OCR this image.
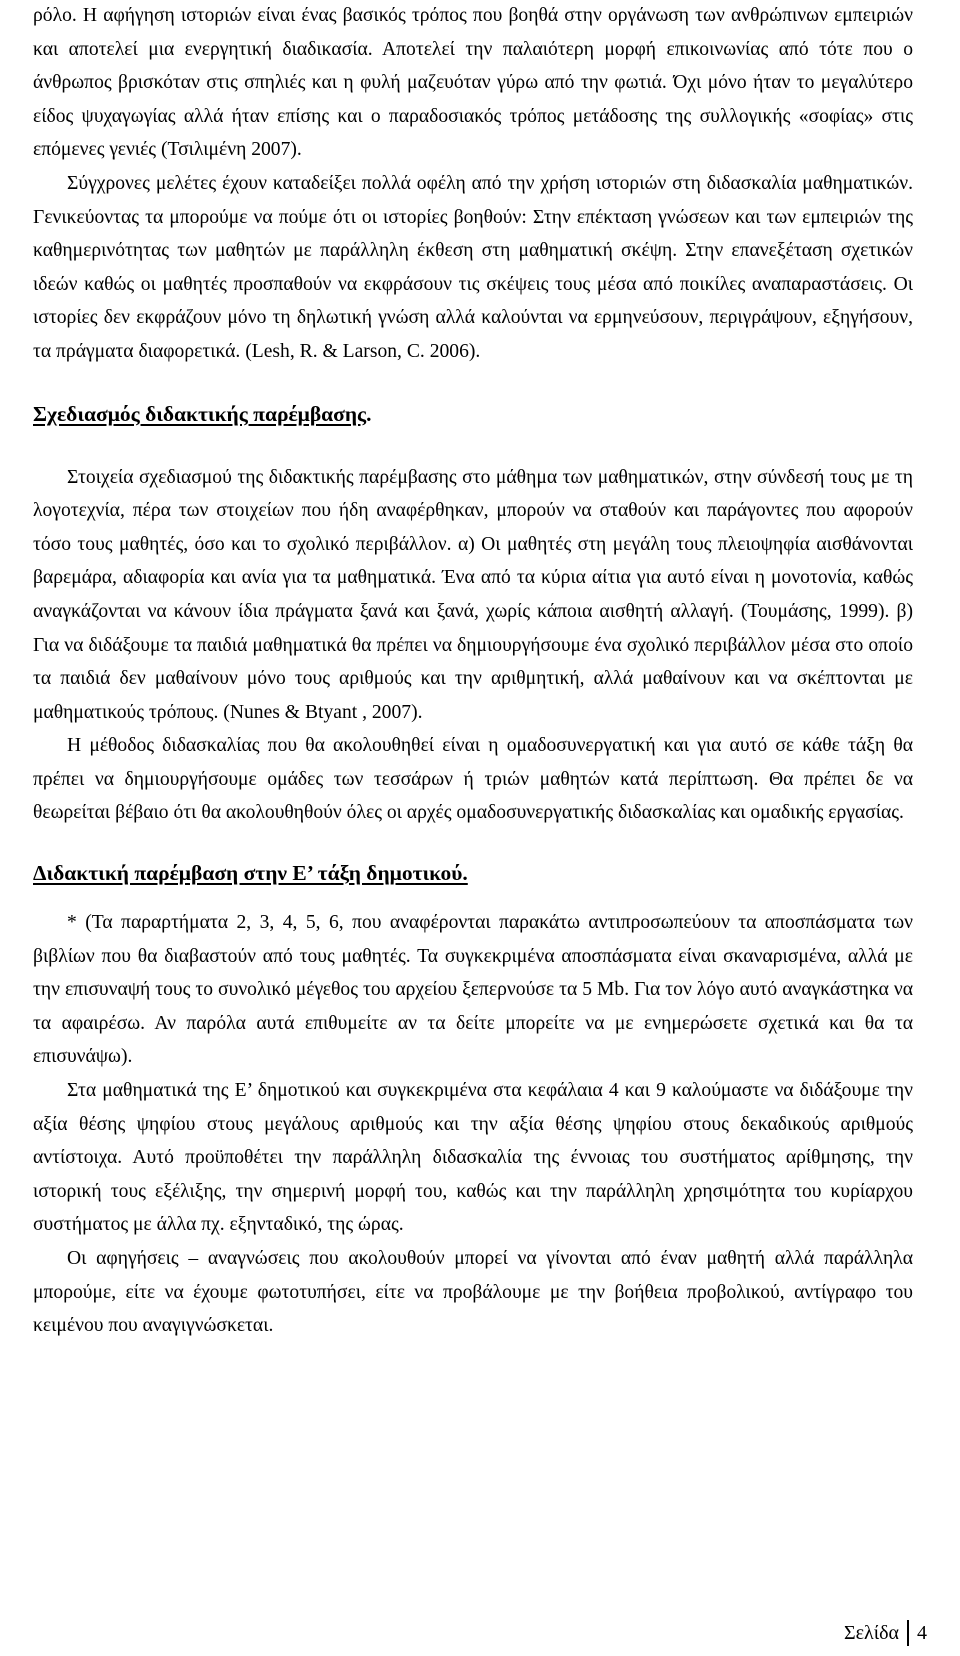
ρόλο. Η αφήγηση ιστοριών είναι ένας βασικός τρόπος που βοηθά στην οργάνωση των ανθρώπινων εμπειριών και αποτελεί μια ενεργητική διαδικασία. Αποτελεί την παλαιότερη μορφή επικοινωνίας από τότε που ο άνθρωπος βρισκόταν στις σπηλιές και η φυλή μαζευόταν γύρω από την φωτιά. Όχι μόνο ήταν το μεγαλύτερο είδος ψυχαγωγίας αλλά ήταν επίσης και ο παραδοσιακός τρόπος μετάδοσης της συλλογικής «σοφίας» στις επόμενες γενιές (Τσιλιμένη 2007).

Σύγχρονες μελέτες έχουν καταδείξει πολλά οφέλη από την χρήση ιστοριών στη διδασκαλία μαθηματικών. Γενικεύοντας τα μπορούμε να πούμε ότι οι ιστορίες βοηθούν: Στην επέκταση γνώσεων και των εμπειριών της καθημερινότητας των μαθητών με παράλληλη έκθεση στη μαθηματική σκέψη. Στην επανεξέταση σχετικών ιδεών καθώς οι μαθητές προσπαθούν να εκφράσουν τις σκέψεις τους μέσα από ποικίλες αναπαραστάσεις. Οι ιστορίες δεν εκφράζουν μόνο τη δηλωτική γνώση αλλά καλούνται να ερμηνεύσουν, περιγράψουν, εξηγήσουν, τα πράγματα διαφορετικά. (Lesh, R. & Larson, C. 2006).

Σχεδιασμός διδακτικής παρέμβασης.

Στοιχεία σχεδιασμού της διδακτικής παρέμβασης στο μάθημα των μαθηματικών, στην σύνδεσή τους με τη λογοτεχνία, πέρα των στοιχείων που ήδη αναφέρθηκαν, μπορούν να σταθούν και παράγοντες που αφορούν τόσο τους μαθητές, όσο και το σχολικό περιβάλλον. α) Οι μαθητές στη μεγάλη τους πλειοψηφία αισθάνονται βαρεμάρα, αδιαφορία και ανία για τα μαθηματικά. Ένα από τα κύρια αίτια για αυτό είναι η μονοτονία, καθώς αναγκάζονται να κάνουν ίδια πράγματα ξανά και ξανά, χωρίς κάποια αισθητή αλλαγή. (Τουμάσης, 1999). β) Για να διδάξουμε τα παιδιά μαθηματικά θα πρέπει να δημιουργήσουμε ένα σχολικό περιβάλλον μέσα στο οποίο τα παιδιά δεν μαθαίνουν μόνο τους αριθμούς και την αριθμητική, αλλά μαθαίνουν και να σκέπτονται με μαθηματικούς τρόπους. (Nunes & Btyant , 2007).

Η μέθοδος διδασκαλίας που θα ακολουθηθεί είναι η ομαδοσυνεργατική και για αυτό σε κάθε τάξη θα πρέπει να δημιουργήσουμε ομάδες των τεσσάρων ή τριών μαθητών κατά περίπτωση. Θα πρέπει δε να θεωρείται βέβαιο ότι θα ακολουθηθούν όλες οι αρχές ομαδοσυνεργατικής διδασκαλίας και ομαδικής εργασίας.

Διδακτική παρέμβαση στην Ε’ τάξη δημοτικού.

* (Τα παραρτήματα 2, 3, 4, 5, 6, που αναφέρονται παρακάτω αντιπροσωπεύουν τα αποσπάσματα των βιβλίων που θα διαβαστούν από τους μαθητές. Τα συγκεκριμένα αποσπάσματα είναι σκαναρισμένα, αλλά με την επισυναψή τους το συνολικό μέγεθος του αρχείου ξεπερνούσε τα 5 Mb. Για τον λόγο αυτό αναγκάστηκα να τα αφαιρέσω. Αν παρόλα αυτά επιθυμείτε αν τα δείτε μπορείτε να με ενημερώσετε σχετικά και θα τα επισυνάψω).

Στα μαθηματικά της Ε’ δημοτικού και συγκεκριμένα στα κεφάλαια 4 και 9 καλούμαστε να διδάξουμε την αξία θέσης ψηφίου στους μεγάλους αριθμούς και την αξία θέσης ψηφίου στους δεκαδικούς αριθμούς αντίστοιχα. Αυτό προϋποθέτει την παράλληλη διδασκαλία της έννοιας του συστήματος αρίθμησης, την ιστορική τους εξέλιξης, την σημερινή μορφή του, καθώς και την παράλληλη χρησιμότητα του κυρίαρχου συστήματος με άλλα πχ. εξηνταδικό, της ώρας.

Οι αφηγήσεις – αναγνώσεις που ακολουθούν μπορεί να γίνονται από έναν μαθητή αλλά παράλληλα μπορούμε, είτε να έχουμε φωτοτυπήσει, είτε να προβάλουμε με την βοήθεια προβολικού, αντίγραφο του κειμένου που αναγιγνώσκεται.

Σελίδα 4
